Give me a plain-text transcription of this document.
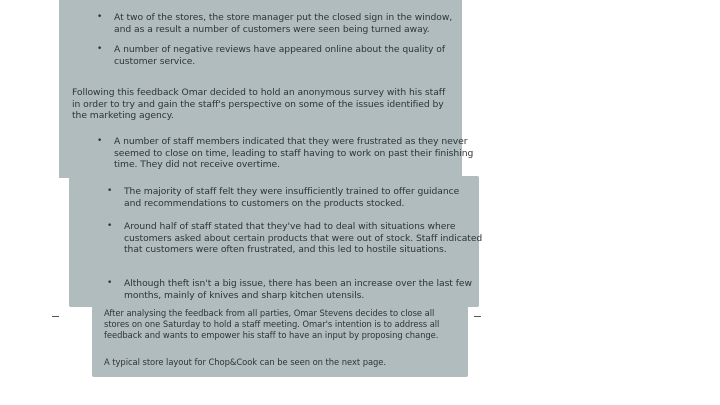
• At two of the stores, the store manager put the closed sign in the window, and as a result a number of customers were seen being turned away.

• A number of negative reviews have appeared online about the quality of customer service.

Following this feedback Omar decided to hold an anonymous survey with his staff in order to try and gain the staff's perspective on some of the issues identified by the marketing agency.

• A number of staff members indicated that they were frustrated as they never seemed to close on time, leading to staff having to work on past their finishing time. They did not receive overtime.

• The majority of staff felt they were insufficiently trained to offer guidance and recommendations to customers on the products stocked.

• Around half of staff stated that they've had to deal with situations where customers asked about certain products that were out of stock. Staff indicated that customers were often frustrated, and this led to hostile situations.

• Although theft isn't a big issue, there has been an increase over the last few months, mainly of knives and sharp kitchen utensils.

After analysing the feedback from all parties, Omar Stevens decides to close all stores on one Saturday to hold a staff meeting. Omar's intention is to address all feedback and wants to empower his staff to have an input by proposing change.

A typical store layout for Chop&Cook can be seen on the next page.
